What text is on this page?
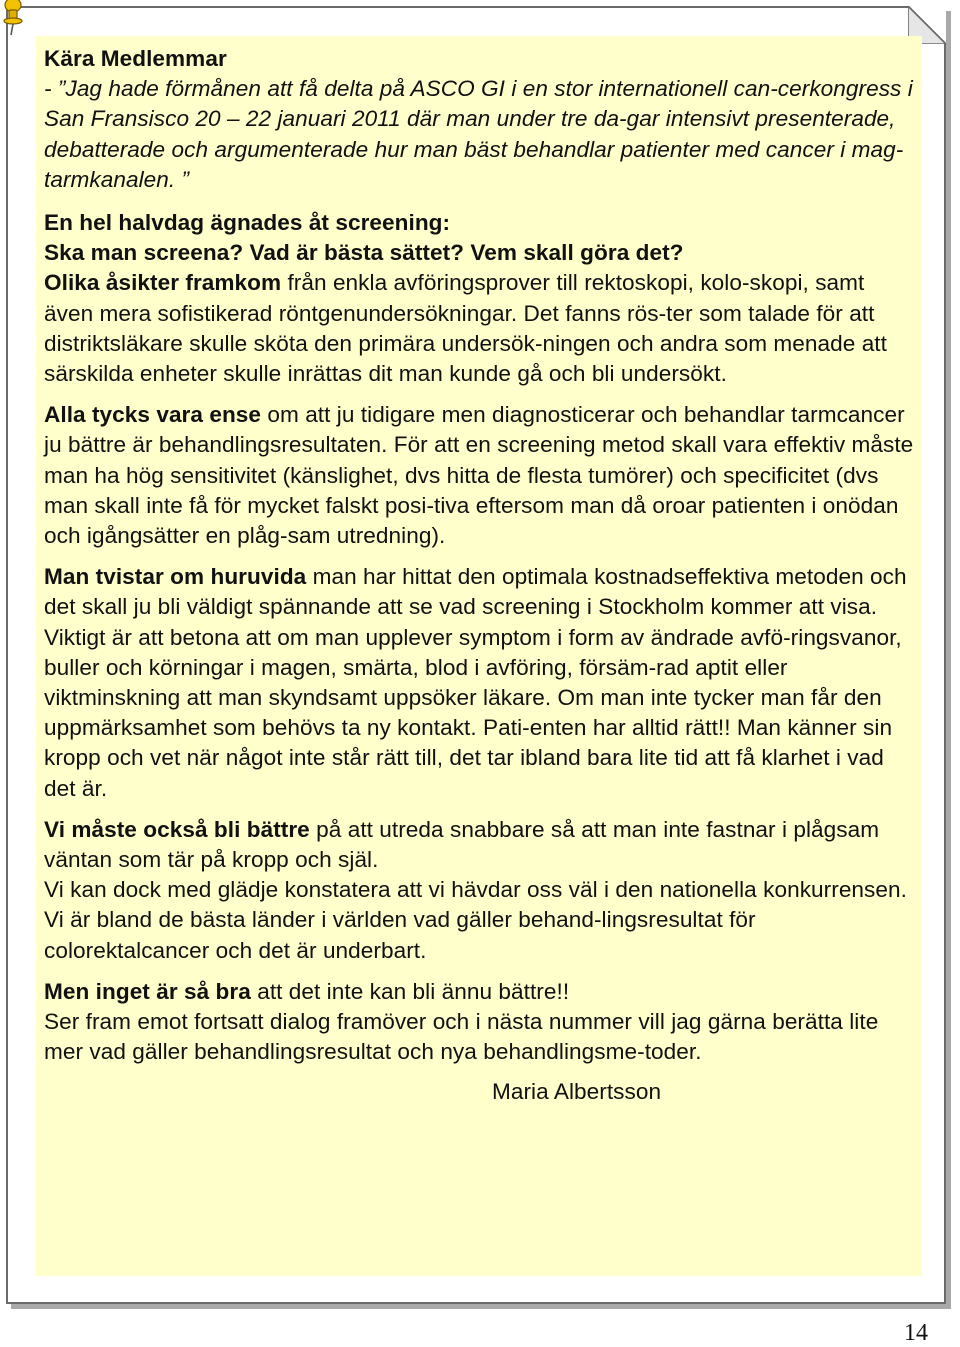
Kära Medlemmar

- ”Jag hade förmånen att få delta på ASCO GI i en stor internationell can-cerkongress i San Fransisco 20 – 22 januari 2011 där man under tre da-gar intensivt presenterade, debatterade och argumenterade hur man bäst behandlar patienter med cancer i mag-tarmkanalen. ”

En hel halvdag ägnades åt screening:

Ska man screena? Vad är bästa sättet? Vem skall göra det?

Olika åsikter framkom från enkla avföringsprover till rektoskopi, kolo-skopi, samt även mera sofistikerad röntgenundersökningar. Det fanns rös-ter som talade för att distriktsläkare skulle sköta den primära undersök-ningen och andra som menade att särskilda enheter skulle inrättas dit man kunde gå och bli undersökt.

Alla tycks vara ense om att ju tidigare men diagnosticerar och behandlar tarmcancer ju bättre är behandlingsresultaten. För att en screening metod skall vara effektiv måste man ha hög sensitivitet (känslighet, dvs hitta de flesta tumörer) och specificitet (dvs man skall inte få för mycket falskt posi-tiva eftersom man då oroar patienten i onödan och igångsätter en plåg-sam utredning).

Man tvistar om huruvida man har hittat den optimala kostnadseffektiva metoden och det skall ju bli väldigt spännande att se vad screening i Stockholm kommer att visa.

Viktigt är att betona att om man upplever symptom i form av ändrade avfö-ringsvanor, buller och körningar i magen, smärta, blod i avföring, försäm-rad aptit eller viktminskning att man skyndsamt uppsöker läkare. Om man inte tycker man får den uppmärksamhet som behövs ta ny kontakt. Pati-enten har alltid rätt!! Man känner sin kropp och vet när något inte står rätt till, det tar ibland bara lite tid att få klarhet i vad det är.

Vi måste också bli bättre på att utreda snabbare så att man inte fastnar i plågsam väntan som tär på kropp och själ.

Vi kan dock med glädje konstatera att vi hävdar oss väl i den nationella konkurrensen. Vi är bland de bästa länder i världen vad gäller behand-lingsresultat för colorektalcancer och det är underbart.

Men inget är så bra att det inte kan bli ännu bättre!!

Ser fram emot fortsatt dialog framöver och i nästa nummer vill jag gärna berätta lite mer vad gäller behandlingsresultat och nya behandlingsme-toder.

Maria Albertsson

14
